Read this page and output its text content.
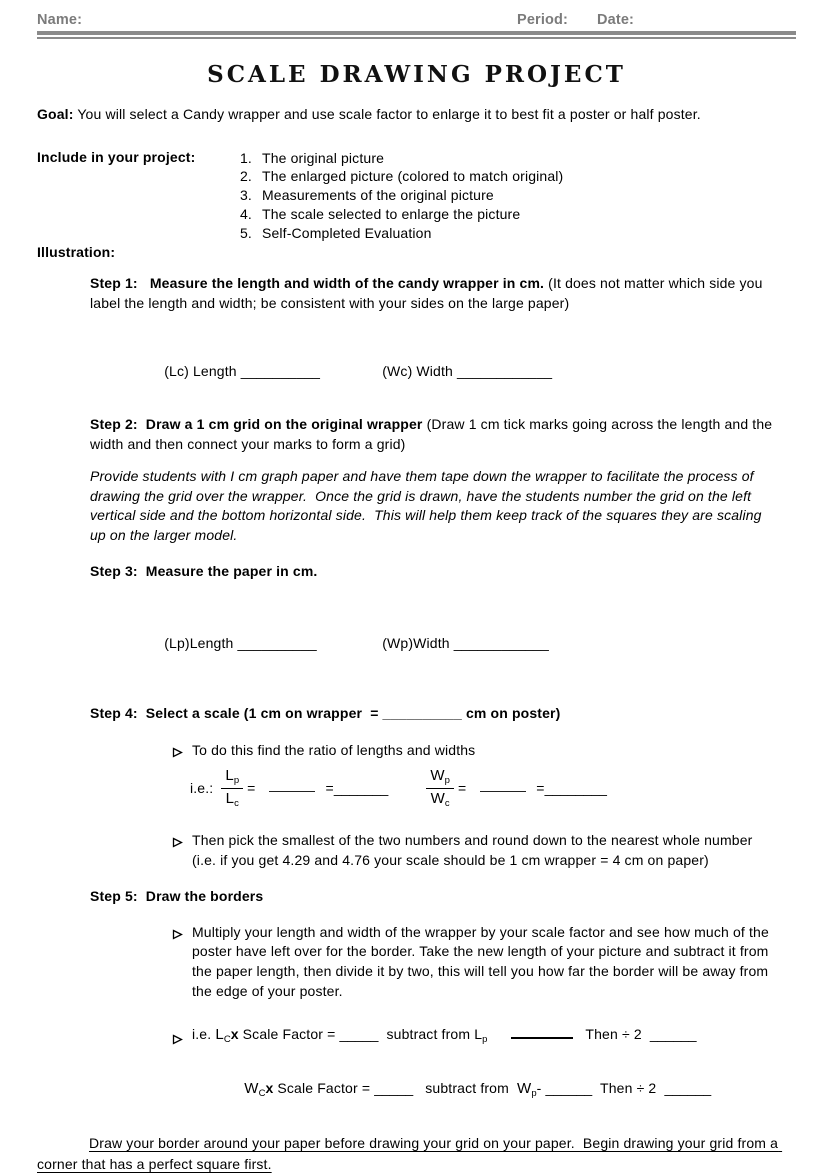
Name:	Period:	Date:
SCALE DRAWING PROJECT

Goal: You will select a Candy wrapper and use scale factor to enlarge it to best fit a poster or half poster.

Include in your project:	1. The original picture
2. The enlarged picture (colored to match original)
3. Measurements of the original picture
4. The scale selected to enlarge the picture
5. Self-Completed Evaluation
Illustration:

Step 1:   Measure the length and width of the candy wrapper in cm. (It does not matter which side you label the length and width; be consistent with your sides on the large paper)

(Lc) Length __________	(Wc) Width ____________

Step 2:  Draw a 1 cm grid on the original wrapper (Draw 1 cm tick marks going across the length and the width and then connect your marks to form a grid)

Provide students with I cm graph paper and have them tape down the wrapper to facilitate the process of drawing the grid over the wrapper.  Once the grid is drawn, have the students number the grid on the left vertical side and the bottom horizontal side.  This will help them keep track of the squares they are scaling up on the larger model.

Step 3:  Measure the paper in cm.

(Lp)Length __________	(Wp)Width ____________

Step 4:  Select a scale (1 cm on wrapper  = __________ cm on poster)

To do this find the ratio of lengths and widths
i.e.: $\frac{L_p}{L_c}$ =	= _______	$\frac{W_p}{W_c}$ =	= ________
Then pick the smallest of the two numbers and round down to the nearest whole number (i.e. if you get 4.29 and 4.76 your scale should be 1 cm wrapper = 4 cm on paper)

Step 5:  Draw the borders

Multiply your length and width of the wrapper by your scale factor and see how much of the poster have left over for the border. Take the new length of your picture and subtract it from the paper length, then divide it by two, this will tell you how far the border will be away from the edge of your poster.
i.e. $L_Cx$ Scale Factor = _____  subtract from $L_p$	Then ÷ 2  ______

$W_Cx$ Scale Factor = _____   subtract from  $W_p-$ ______  Then ÷ 2  ______

Draw your border around your paper before drawing your grid on your paper.  Begin drawing your grid from a corner that has a perfect square first.
